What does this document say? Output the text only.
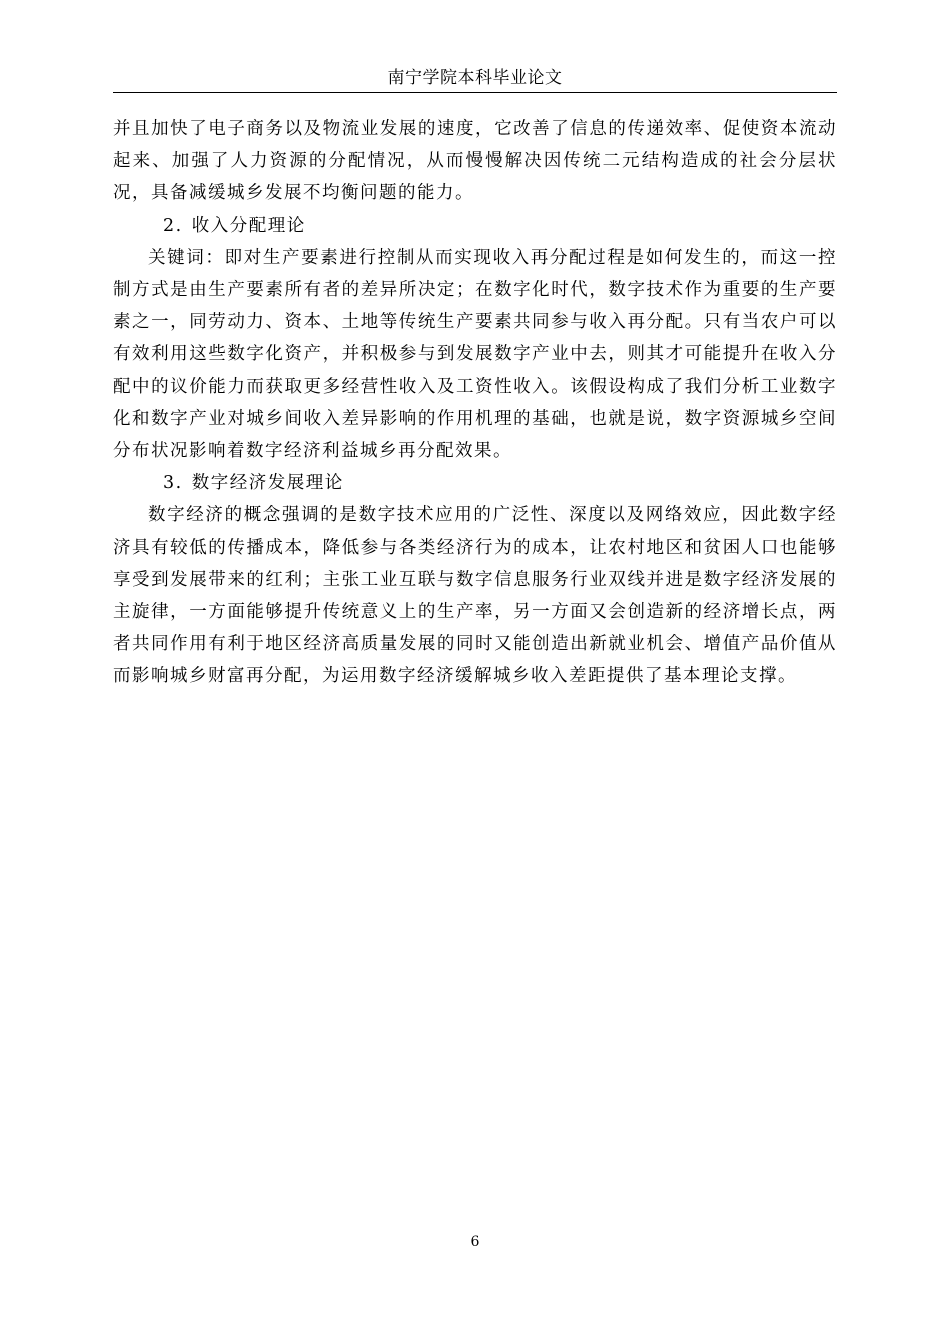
南宁学院本科毕业论文

并且加快了电子商务以及物流业发展的速度，它改善了信息的传递效率、促使资本流动起来、加强了人力资源的分配情况，从而慢慢解决因传统二元结构造成的社会分层状况，具备减缓城乡发展不均衡问题的能力。

2. 收入分配理论

关键词：即对生产要素进行控制从而实现收入再分配过程是如何发生的，而这一控制方式是由生产要素所有者的差异所决定；在数字化时代，数字技术作为重要的生产要素之一，同劳动力、资本、土地等传统生产要素共同参与收入再分配。只有当农户可以有效利用这些数字化资产，并积极参与到发展数字产业中去，则其才可能提升在收入分配中的议价能力而获取更多经营性收入及工资性收入。该假设构成了我们分析工业数字化和数字产业对城乡间收入差异影响的作用机理的基础，也就是说，数字资源城乡空间分布状况影响着数字经济利益城乡再分配效果。

3. 数字经济发展理论

数字经济的概念强调的是数字技术应用的广泛性、深度以及网络效应，因此数字经济具有较低的传播成本，降低参与各类经济行为的成本，让农村地区和贫困人口也能够享受到发展带来的红利；主张工业互联与数字信息服务行业双线并进是数字经济发展的主旋律，一方面能够提升传统意义上的生产率，另一方面又会创造新的经济增长点，两者共同作用有利于地区经济高质量发展的同时又能创造出新就业机会、增值产品价值从而影响城乡财富再分配，为运用数字经济缓解城乡收入差距提供了基本理论支撑。

6
